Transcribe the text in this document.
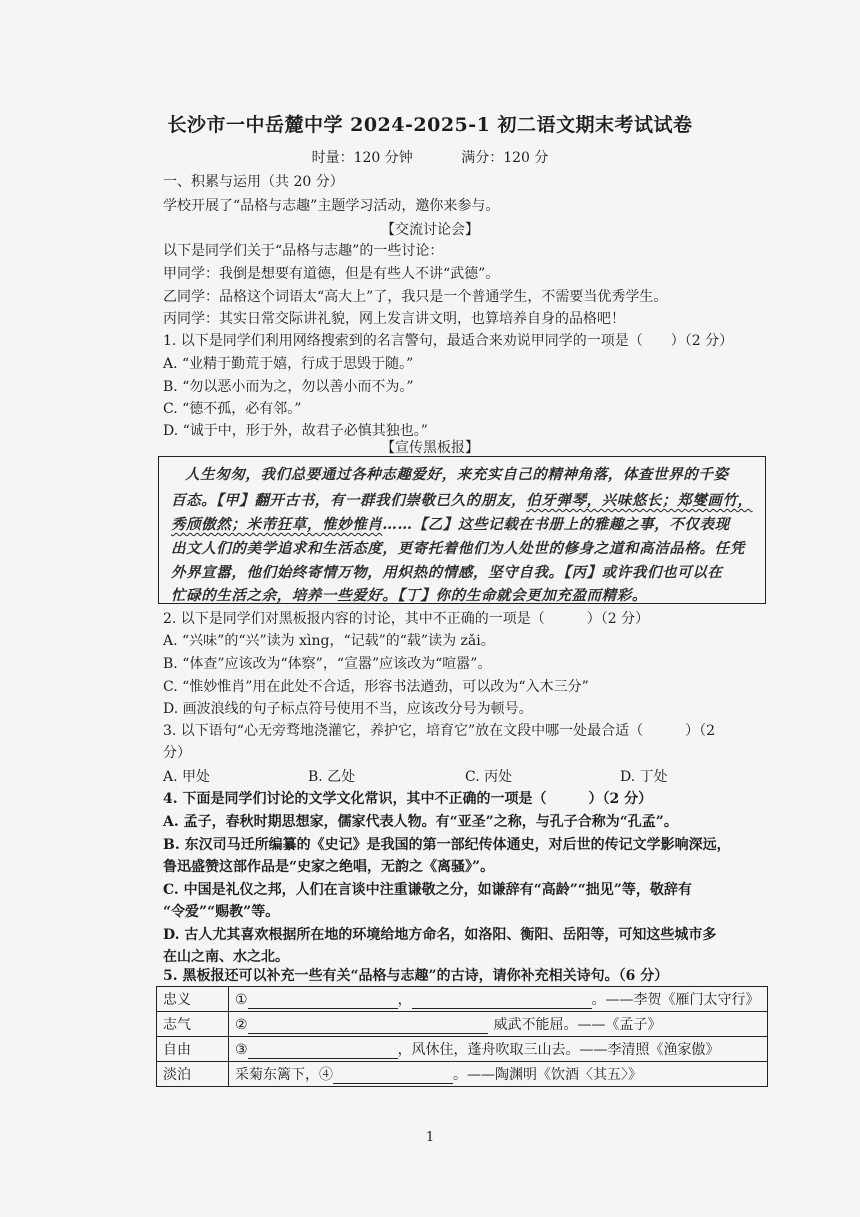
长沙市一中岳麓中学 2024-2025-1 初二语文期末考试试卷
时量：120 分钟	满分：120 分
一、积累与运用（共 20 分）
学校开展了“品格与志趣”主题学习活动，邀你来参与。
【交流讨论会】
以下是同学们关于“品格与志趣”的一些讨论：
甲同学：我倒是想要有道德，但是有些人不讲“武德”。
乙同学：品格这个词语太“高大上”了，我只是一个普通学生，不需要当优秀学生。
丙同学：其实日常交际讲礼貌，网上发言讲文明，也算培养自身的品格吧！
1. 以下是同学们利用网络搜索到的名言警句，最适合来劝说甲同学的一项是（　　）（2 分）
A. “业精于勤荒于嬉，行成于思毁于随。”
B. “勿以恶小而为之，勿以善小而不为。”
C. “德不孤，必有邻。”
D. “诚于中，形于外，故君子必慎其独也。”
【宣传黑板报】

人生匆匆，我们总要通过各种志趣爱好，来充实自己的精神角落，体查世界的千姿

百态。【甲】翻开古书，有一群我们崇敬已久的朋友，伯牙弹琴，兴味悠长；郑燮画竹，

秀颀傲然；米芾狂草，惟妙惟肖……【乙】这些记载在书册上的雅趣之事，不仅表现

出文人们的美学追求和生活态度，更寄托着他们为人处世的修身之道和高洁品格。任凭

外界宣嚣，他们始终寄情万物，用炽热的情感，坚守自我。【丙】或许我们也可以在

忙碌的生活之余，培养一些爱好。【丁】你的生命就会更加充盈而精彩。

2. 以下是同学们对黑板报内容的讨论，其中不正确的一项是（　　　）（2 分）
A. “兴味”的“兴”读为 xìng，“记载”的“载”读为 zǎi。
B. “体查”应该改为“体察”，“宣嚣”应该改为“喧嚣”。
C. “惟妙惟肖”用在此处不合适，形容书法遒劲，可以改为“入木三分”
D. 画波浪线的句子标点符号使用不当，应该改分号为顿号。
3. 以下语句“心无旁骛地浇灌它，养护它，培育它”放在文段中哪一处最合适（　　　）（2
分）
A. 甲处	B. 乙处	C. 丙处	D. 丁处
4. 下面是同学们讨论的文学文化常识，其中不正确的一项是（　　　）（2 分）
A. 孟子，春秋时期思想家，儒家代表人物。有“亚圣”之称，与孔子合称为“孔孟”。
B. 东汉司马迁所编纂的《史记》是我国的第一部纪传体通史，对后世的传记文学影响深远，
鲁迅盛赞这部作品是“史家之绝唱，无韵之《离骚》”。
C. 中国是礼仪之邦，人们在言谈中注重谦敬之分，如谦辞有“高龄”“拙见”等，敬辞有
“令爱”“赐教”等。
D. 古人尤其喜欢根据所在地的环境给地方命名，如洛阳、衡阳、岳阳等，可知这些城市多
在山之南、水之北。
5. 黑板报还可以补充一些有关“品格与志趣”的古诗，请你补充相关诗句。（6 分）
忠义	① ， 。——李贺《雁门太守行》
志气	② 威武不能屈。——《孟子》
自由	③ ，风休住，蓬舟吹取三山去。——李清照《渔家傲》
淡泊	采菊东篱下，④ 。——陶渊明《饮酒〈其五〉》
1
